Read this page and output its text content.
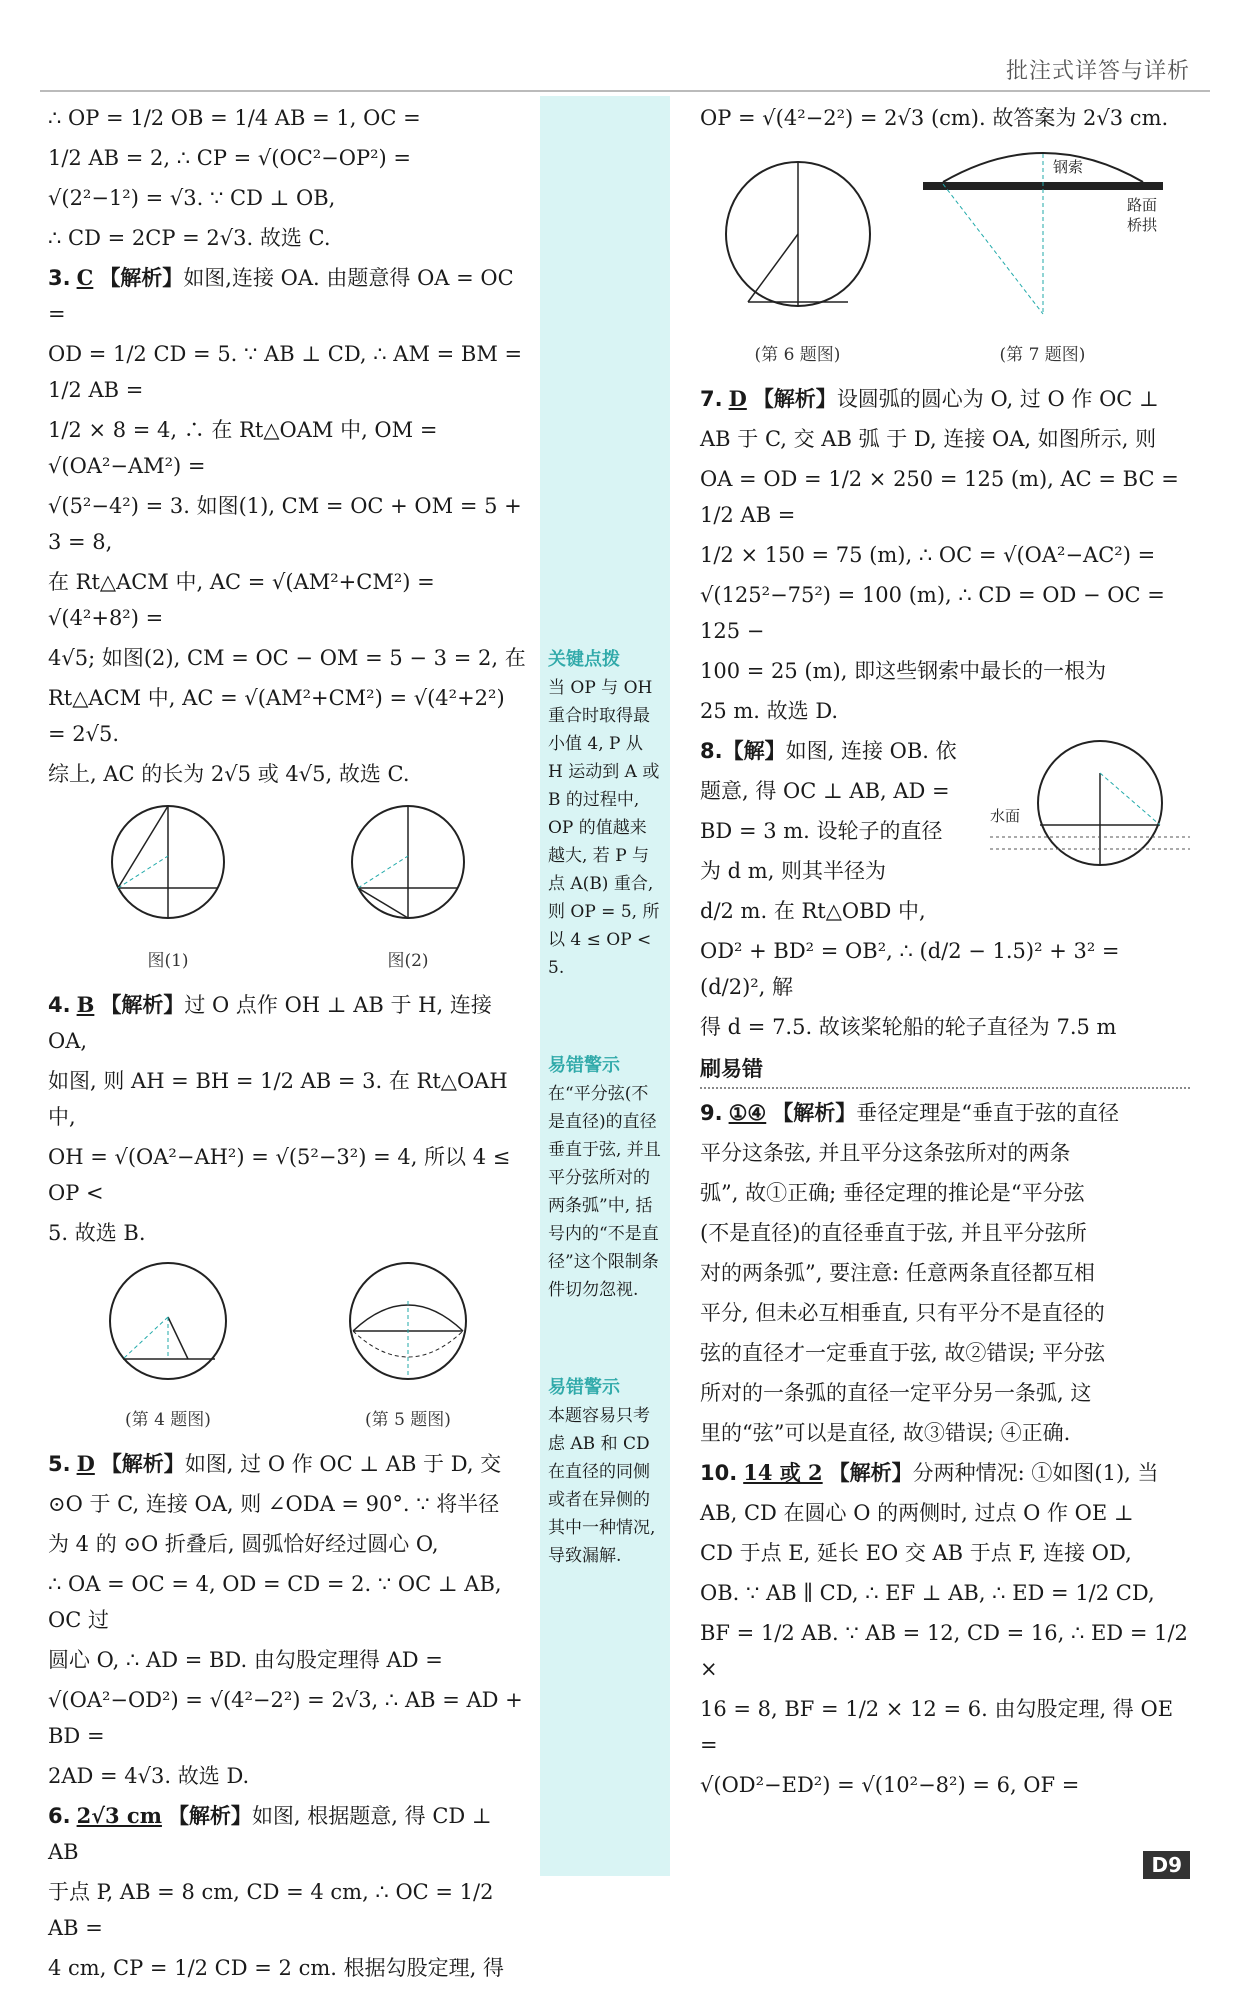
批注式详答与详析
∴ OP = 1/2 OB = 1/4 AB = 1, OC =
1/2 AB = 2, ∴ CP = √(OC²−OP²) =
√(2²−1²) = √3. ∵ CD ⊥ OB,
∴ CD = 2CP = 2√3. 故选 C.
3. C 【解析】如图,连接 OA. 由题意得 OA = OC =
OD = 1/2 CD = 5. ∵ AB ⊥ CD, ∴ AM = BM = 1/2 AB =
1/2 × 8 = 4, ∴ 在 Rt△OAM 中, OM = √(OA²−AM²) =
√(5²−4²) = 3. 如图(1), CM = OC + OM = 5 + 3 = 8,
在 Rt△ACM 中, AC = √(AM²+CM²) = √(4²+8²) =
4√5; 如图(2), CM = OC − OM = 5 − 3 = 2, 在
Rt△ACM 中, AC = √(AM²+CM²) = √(4²+2²) = 2√5.
综上, AC 的长为 2√5 或 4√5, 故选 C.
图(1)	图(2)
4. B 【解析】过 O 点作 OH ⊥ AB 于 H, 连接 OA,
如图, 则 AH = BH = 1/2 AB = 3. 在 Rt△OAH 中,
OH = √(OA²−AH²) = √(5²−3²) = 4, 所以 4 ≤ OP <
5. 故选 B.
(第 4 题图)	(第 5 题图)
5. D 【解析】如图, 过 O 作 OC ⊥ AB 于 D, 交
⊙O 于 C, 连接 OA, 则 ∠ODA = 90°. ∵ 将半径
为 4 的 ⊙O 折叠后, 圆弧恰好经过圆心 O,
∴ OA = OC = 4, OD = CD = 2. ∵ OC ⊥ AB, OC 过
圆心 O, ∴ AD = BD. 由勾股定理得 AD =
√(OA²−OD²) = √(4²−2²) = 2√3, ∴ AB = AD + BD =
2AD = 4√3. 故选 D.
6. 2√3 cm 【解析】如图, 根据题意, 得 CD ⊥ AB
于点 P, AB = 8 cm, CD = 4 cm, ∴ OC = 1/2 AB =
4 cm, CP = 1/2 CD = 2 cm. 根据勾股定理, 得
关键点拨
当 OP 与 OH 重合时取得最小值 4, P 从 H 运动到 A 或 B 的过程中, OP 的值越来越大, 若 P 与点 A(B) 重合, 则 OP = 5, 所以 4 ≤ OP < 5.
易错警示
在“平分弦(不是直径)的直径垂直于弦, 并且平分弦所对的两条弧”中, 括号内的“不是直径”这个限制条件切勿忽视.
易错警示
本题容易只考虑 AB 和 CD 在直径的同侧或者在异侧的其中一种情况, 导致漏解.
OP = √(4²−2²) = 2√3 (cm). 故答案为 2√3 cm.
(第 6 题图)
钢索
路面
桥拱
(第 7 题图)
7. D 【解析】设圆弧的圆心为 O, 过 O 作 OC ⊥
AB 于 C, 交 AB 弧 于 D, 连接 OA, 如图所示, 则
OA = OD = 1/2 × 250 = 125 (m), AC = BC = 1/2 AB =
1/2 × 150 = 75 (m), ∴ OC = √(OA²−AC²) =
√(125²−75²) = 100 (m), ∴ CD = OD − OC = 125 −
100 = 25 (m), 即这些钢索中最长的一根为
25 m. 故选 D.
水面
8.【解】如图, 连接 OB. 依
题意, 得 OC ⊥ AB, AD =
BD = 3 m. 设轮子的直径
为 d m, 则其半径为
d/2 m. 在 Rt△OBD 中,
OD² + BD² = OB², ∴ (d/2 − 1.5)² + 3² = (d/2)², 解
得 d = 7.5. 故该桨轮船的轮子直径为 7.5 m
刷易错
9. ①④ 【解析】垂径定理是“垂直于弦的直径
平分这条弦, 并且平分这条弦所对的两条
弧”, 故①正确; 垂径定理的推论是“平分弦
(不是直径)的直径垂直于弦, 并且平分弦所
对的两条弧”, 要注意: 任意两条直径都互相
平分, 但未必互相垂直, 只有平分不是直径的
弦的直径才一定垂直于弦, 故②错误; 平分弦
所对的一条弧的直径一定平分另一条弧, 这
里的“弦”可以是直径, 故③错误; ④正确.
10. 14 或 2 【解析】分两种情况: ①如图(1), 当
AB, CD 在圆心 O 的两侧时, 过点 O 作 OE ⊥
CD 于点 E, 延长 EO 交 AB 于点 F, 连接 OD,
OB. ∵ AB ∥ CD, ∴ EF ⊥ AB, ∴ ED = 1/2 CD,
BF = 1/2 AB. ∵ AB = 12, CD = 16, ∴ ED = 1/2 ×
16 = 8, BF = 1/2 × 12 = 6. 由勾股定理, 得 OE =
√(OD²−ED²) = √(10²−8²) = 6, OF =
D9
